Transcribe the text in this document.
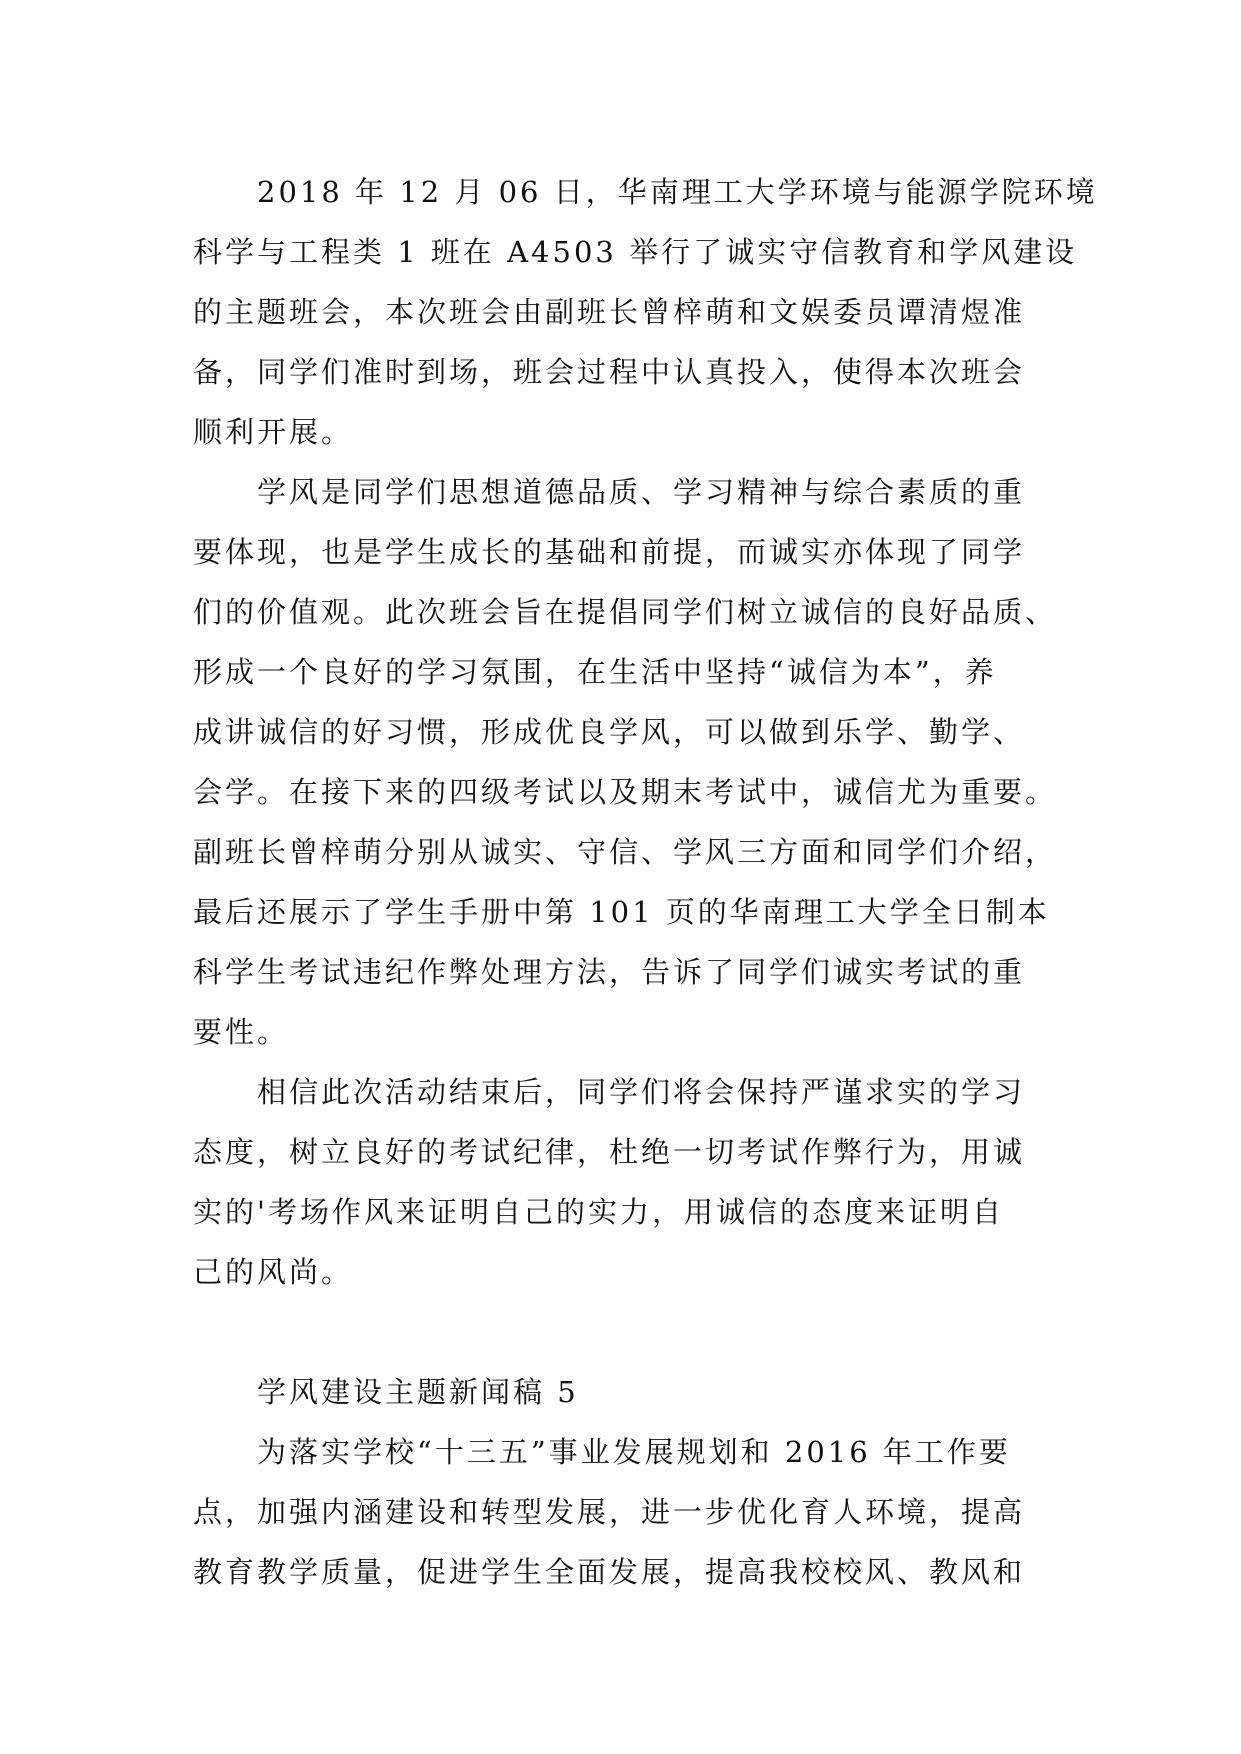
2018 年 12 月 06 日，华南理工大学环境与能源学院环境
科学与工程类 1 班在 A4503 举行了诚实守信教育和学风建设
的主题班会，本次班会由副班长曾梓萌和文娱委员谭清煜准
备，同学们准时到场，班会过程中认真投入，使得本次班会
顺利开展。
学风是同学们思想道德品质、学习精神与综合素质的重
要体现，也是学生成长的基础和前提，而诚实亦体现了同学
们的价值观。此次班会旨在提倡同学们树立诚信的良好品质、
形成一个良好的学习氛围，在生活中坚持“诚信为本”，养
成讲诚信的好习惯，形成优良学风，可以做到乐学、勤学、
会学。在接下来的四级考试以及期末考试中，诚信尤为重要。
副班长曾梓萌分别从诚实、守信、学风三方面和同学们介绍，
最后还展示了学生手册中第 101 页的华南理工大学全日制本
科学生考试违纪作弊处理方法，告诉了同学们诚实考试的重
要性。
相信此次活动结束后，同学们将会保持严谨求实的学习
态度，树立良好的考试纪律，杜绝一切考试作弊行为，用诚
实的'考场作风来证明自己的实力，用诚信的态度来证明自
己的风尚。
学风建设主题新闻稿 5
为落实学校“十三五”事业发展规划和 2016 年工作要
点，加强内涵建设和转型发展，进一步优化育人环境，提高
教育教学质量，促进学生全面发展，提高我校校风、教风和
